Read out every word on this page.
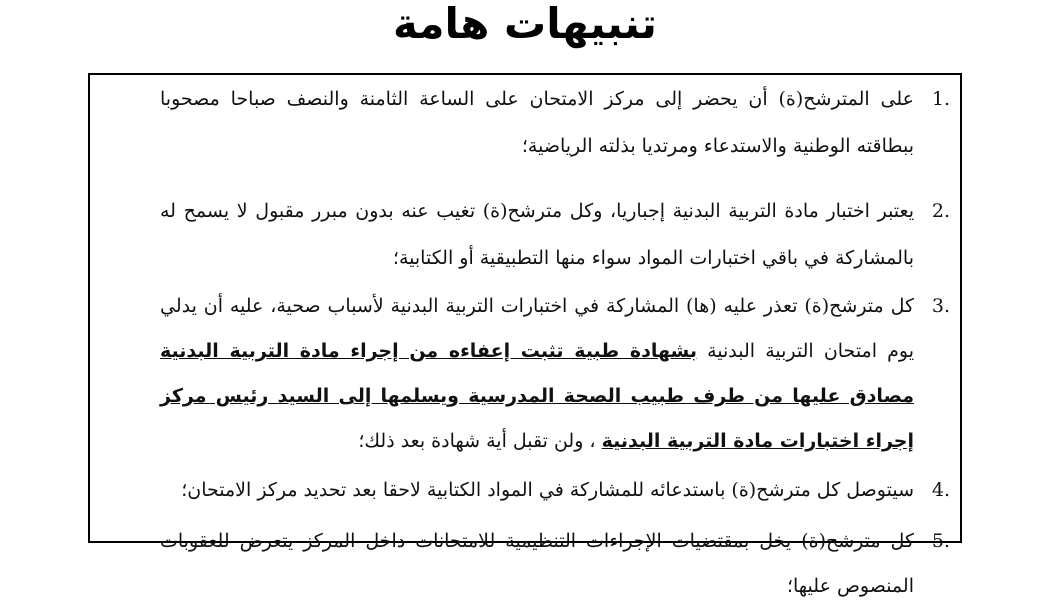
تنبيهات هامة
1.
على المترشح(ة) أن يحضر إلى مركز الامتحان على الساعة الثامنة والنصف صباحا مصحوبا ببطاقته الوطنية والاستدعاء ومرتديا بذلته الرياضية؛
2.
يعتبر اختبار مادة التربية البدنية إجباريا، وكل مترشح(ة) تغيب عنه بدون مبرر مقبول لا يسمح له بالمشاركة في باقي اختبارات المواد سواء منها التطبيقية أو الكتابية؛
3.
كل مترشح(ة) تعذر عليه (ها) المشاركة في اختبارات التربية البدنية لأسباب صحية، عليه أن يدلي يوم امتحان التربية البدنية بشهادة طبية تثبت إعفاءه من إجراء مادة التربية البدنية مصادق عليها من طرف طبيب الصحة المدرسية ويسلمها إلى السيد رئيس مركز إجراء اختبارات مادة التربية البدنية ، ولن تقبل أية شهادة بعد ذلك؛
4.
سيتوصل كل مترشح(ة) باستدعائه للمشاركة في المواد الكتابية لاحقا بعد تحديد مركز الامتحان؛
5.
كل مترشح(ة) يخل بمقتضيات الإجراءات التنظيمية للامتحانات داخل المركز يتعرض للعقوبات المنصوص عليها؛
